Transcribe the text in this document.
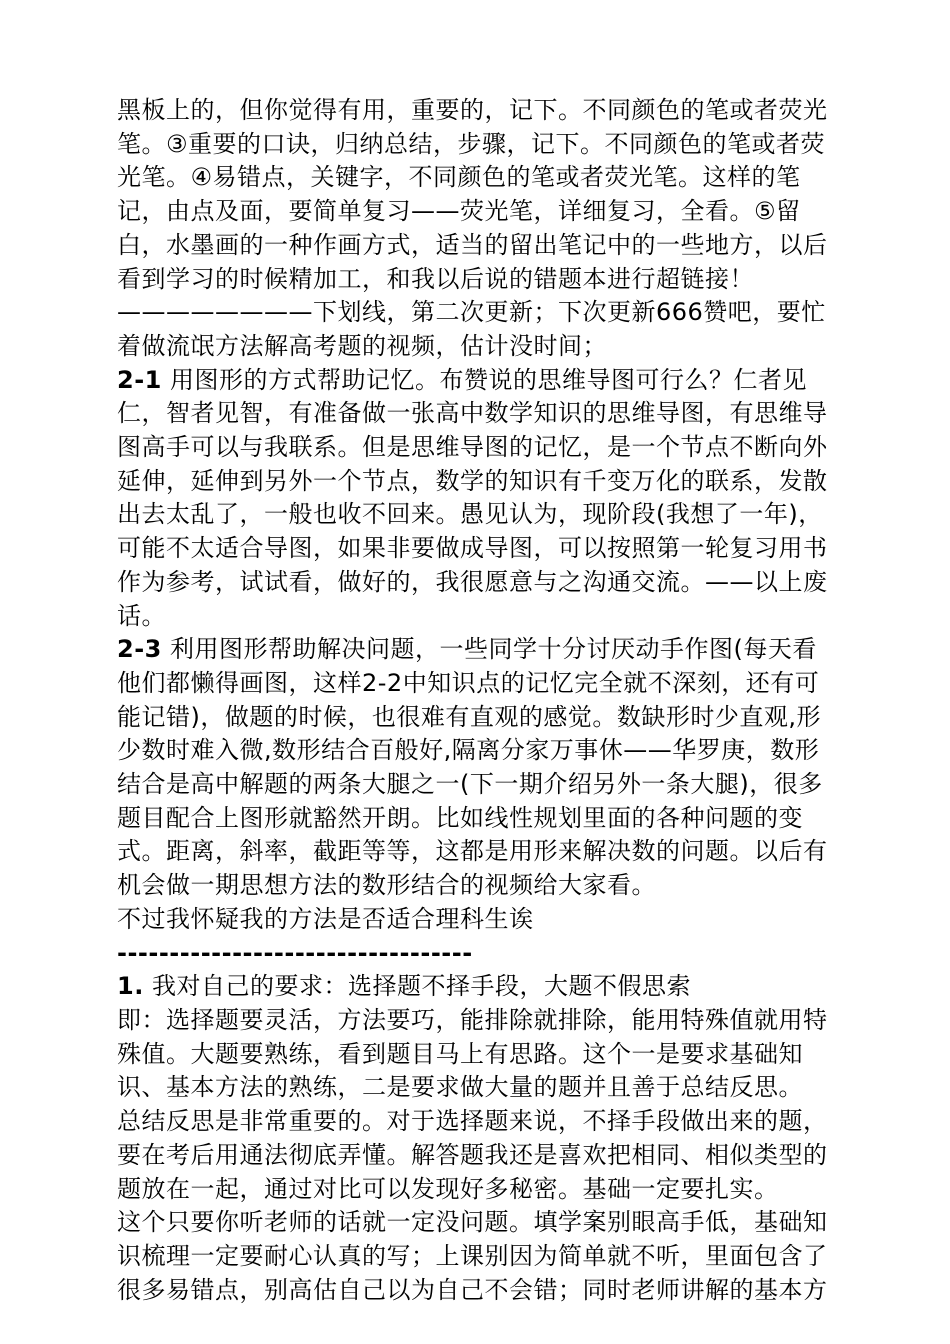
黑板上的，但你觉得有用，重要的，记下。不同颜色的笔或者荧光笔。③重要的口诀，归纳总结，步骤，记下。不同颜色的笔或者荧光笔。④易错点，关键字，不同颜色的笔或者荧光笔。这样的笔记，由点及面，要简单复习——荧光笔，详细复习，全看。⑤留白，水墨画的一种作画方式，适当的留出笔记中的一些地方，以后看到学习的时候精加工，和我以后说的错题本进行超链接！

————————下划线，第二次更新；下次更新666赞吧，要忙着做流氓方法解高考题的视频，估计没时间；

2-1 用图形的方式帮助记忆。布赞说的思维导图可行么？仁者见仁，智者见智，有准备做一张高中数学知识的思维导图，有思维导图高手可以与我联系。但是思维导图的记忆，是一个节点不断向外延伸，延伸到另外一个节点，数学的知识有千变万化的联系，发散出去太乱了，一般也收不回来。愚见认为，现阶段(我想了一年)，可能不太适合导图，如果非要做成导图，可以按照第一轮复习用书作为参考，试试看，做好的，我很愿意与之沟通交流。——以上废话。

2-3 利用图形帮助解决问题，一些同学十分讨厌动手作图(每天看他们都懒得画图，这样2-2中知识点的记忆完全就不深刻，还有可能记错)，做题的时候，也很难有直观的感觉。数缺形时少直观,形少数时难入微,数形结合百般好,隔离分家万事休——华罗庚，数形结合是高中解题的两条大腿之一(下一期介绍另外一条大腿)，很多题目配合上图形就豁然开朗。比如线性规划里面的各种问题的变式。距离，斜率，截距等等，这都是用形来解决数的问题。以后有机会做一期思想方法的数形结合的视频给大家看。

不过我怀疑我的方法是否适合理科生诶

----------------------------------

1. 我对自己的要求：选择题不择手段，大题不假思索

即：选择题要灵活，方法要巧，能排除就排除，能用特殊值就用特殊值。大题要熟练，看到题目马上有思路。这个一是要求基础知识、基本方法的熟练，二是要求做大量的题并且善于总结反思。

总结反思是非常重要的。对于选择题来说，不择手段做出来的题，要在考后用通法彻底弄懂。解答题我还是喜欢把相同、相似类型的题放在一起，通过对比可以发现好多秘密。基础一定要扎实。

这个只要你听老师的话就一定没问题。填学案别眼高手低，基础知识梳理一定要耐心认真的写；上课别因为简单就不听，里面包含了很多易错点，别高估自己以为自己不会错；同时老师讲解的基本方
